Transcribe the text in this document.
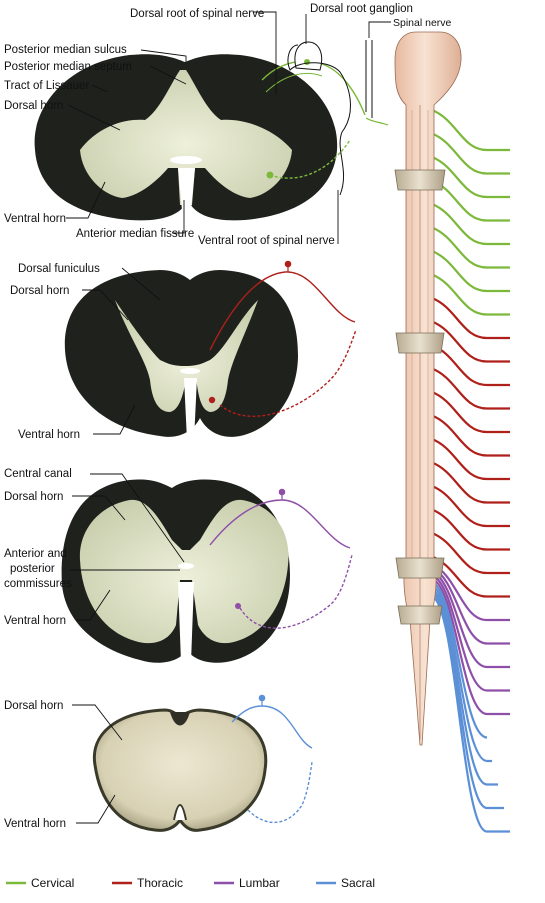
Dorsal root of spinal nerve	Dorsal root ganglion
Spinal nerve
Posterior median sulcus
Posterior median septum
Tract of Lissauer
Dorsal horn
Ventral horn
Anterior median fissure
Ventral root of spinal nerve
Dorsal funiculus
Dorsal horn
Ventral horn
Central canal
Dorsal horn
Anterior and
posterior
commissures
Ventral horn
Dorsal horn
Ventral horn
Cervical	Thoracic	Lumbar	Sacral
